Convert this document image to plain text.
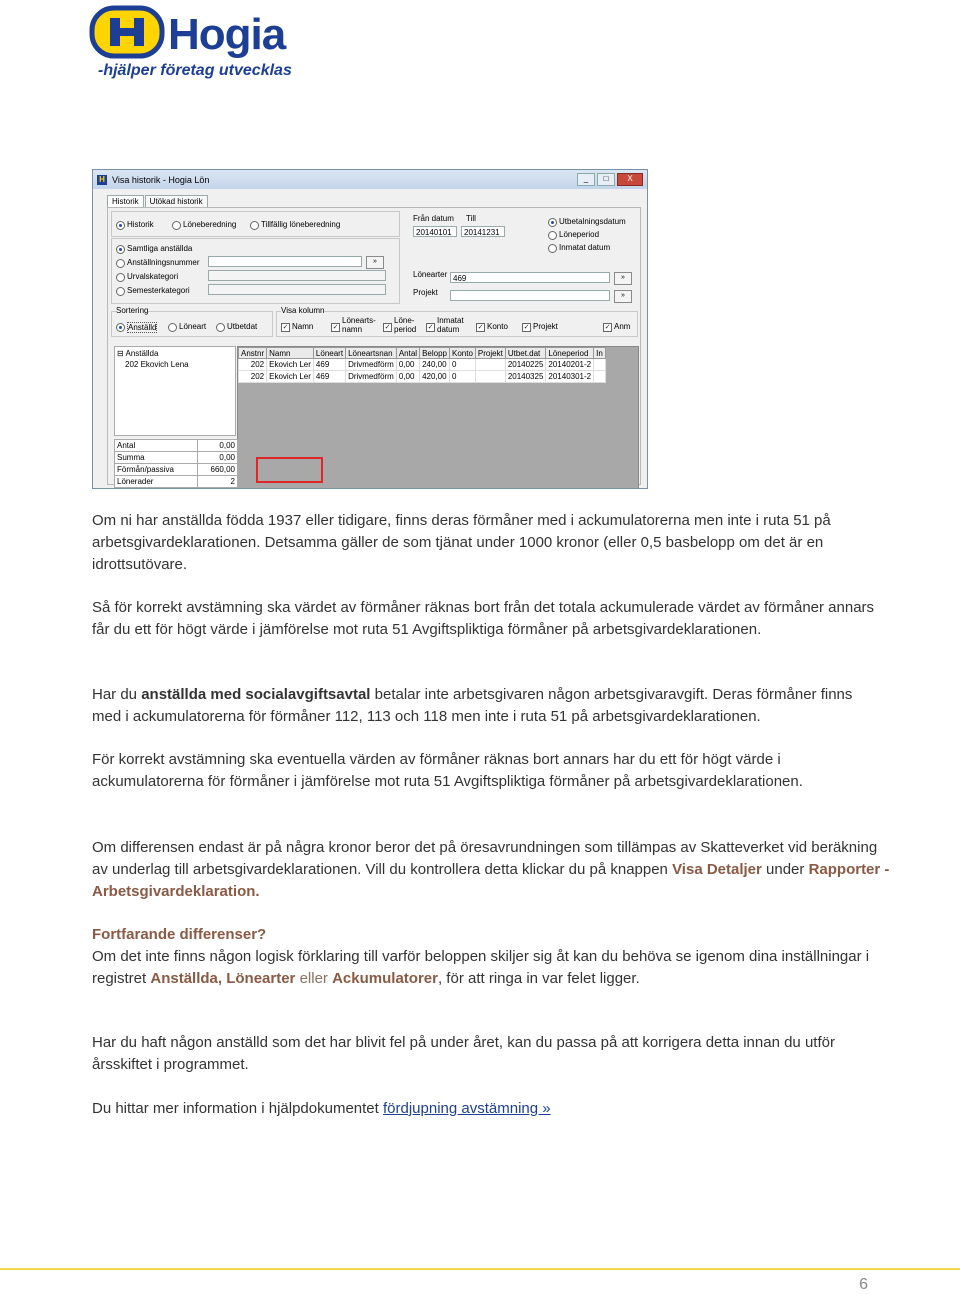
Hogia
-hjälper företag utvecklas
H Visa historik - Hogia Lön	_	□	X
Historik	Utökad historik
Historik	Löneberedning	Tillfällig löneberedning
Från datum Till
20140101	20141231
Utbetalningsdatum
Löneperiod
Inmatat datum
Samtliga anställda
Anställningsnummer
Urvalskategori
Semesterkategori
»
Lönearter 469	»
Projekt	»
Sortering
Anställd	Löneart	Utbetdat
Visa kolumn
✓ Namn	✓
Lönearts-namn	✓
Löne-period ✓
Inmatat datum	✓ Konto ✓ Projekt	✓ Anm
⊟ Anställda
202 Ekovich Lena
Anstnr	Namn	Löneart	Löneartsnan	Antal	Belopp	Konto	Projekt	Utbet.dat	Löneperiod	In
202	Ekovich Ler	469	Drivmedförm	0,00	240,00	0		20140225	20140201-2	
202	Ekovich Ler	469	Drivmedförm	0,00	420,00	0		20140325	20140301-2	
Antal	0,00
Summa	0,00
Förmån/passiva	660,00
Lönerader	2

Om ni har anställda födda 1937 eller tidigare, finns deras förmåner med i ackumulatorerna men inte i ruta 51 på arbetsgivardeklarationen. Detsamma gäller de som tjänat under 1000 kronor (eller 0,5 basbelopp om det är en idrottsutövare.

Så för korrekt avstämning ska värdet av förmåner räknas bort från det totala ackumulerade värdet av förmåner annars får du ett för högt värde i jämförelse mot ruta 51 Avgiftspliktiga förmåner på arbetsgivardeklarationen.

Har du anställda med socialavgiftsavtal betalar inte arbetsgivaren någon arbetsgivaravgift. Deras förmåner finns med i ackumulatorerna för förmåner 112, 113 och 118 men inte i ruta 51 på arbetsgivardeklarationen.

För korrekt avstämning ska eventuella värden av förmåner räknas bort annars har du ett för högt värde i ackumulatorerna för förmåner i jämförelse mot ruta 51 Avgiftspliktiga förmåner på arbetsgivardeklarationen.

Om differensen endast är på några kronor beror det på öresavrundningen som tillämpas av Skatteverket vid beräkning av underlag till arbetsgivardeklarationen. Vill du kontrollera detta klickar du på knappen Visa Detaljer under Rapporter - Arbetsgivardeklaration.

Fortfarande differenser?
Om det inte finns någon logisk förklaring till varför beloppen skiljer sig åt kan du behöva se igenom dina inställningar i registret Anställda, Lönearter eller Ackumulatorer, för att ringa in var felet ligger.

Har du haft någon anställd som det har blivit fel på under året, kan du passa på att korrigera detta innan du utför årsskiftet i programmet.

Du hittar mer information i hjälpdokumentet fördjupning avstämning »

6
